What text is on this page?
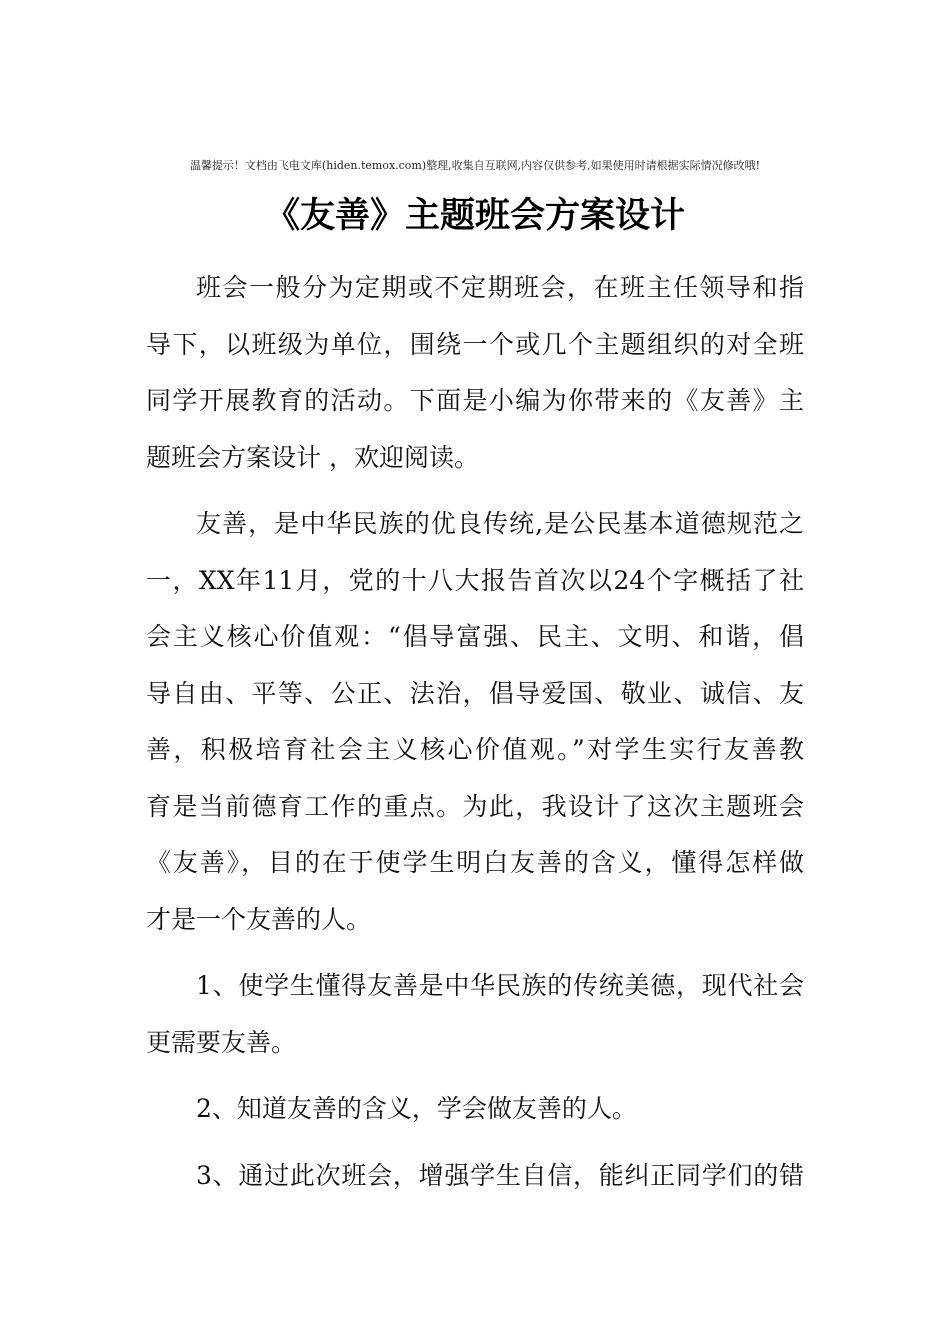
温馨提示！文档由飞电文库(hiden.temox.com)整理,收集自互联网,内容仅供参考,如果使用时请根据实际情况修改哦!
《友善》主题班会方案设计
班会一般分为定期或不定期班会，在班主任领导和指
导下，以班级为单位，围绕一个或几个主题组织的对全班
同学开展教育的活动。下面是小编为你带来的《友善》主
题班会方案设计 ，欢迎阅读。
友善，是中华民族的优良传统,是公民基本道德规范之
一，XX年11月，党的十八大报告首次以24个字概括了社
会主义核心价值观：“倡导富强、民主、文明、和谐，倡
导自由、平等、公正、法治，倡导爱国、敬业、诚信、友
善，积极培育社会主义核心价值观。”对学生实行友善教
育是当前德育工作的重点。为此，我设计了这次主题班会
《友善》，目的在于使学生明白友善的含义，懂得怎样做
才是一个友善的人。
1、使学生懂得友善是中华民族的传统美德，现代社会
更需要友善。
2、知道友善的含义，学会做友善的人。
3、通过此次班会，增强学生自信，能纠正同学们的错
